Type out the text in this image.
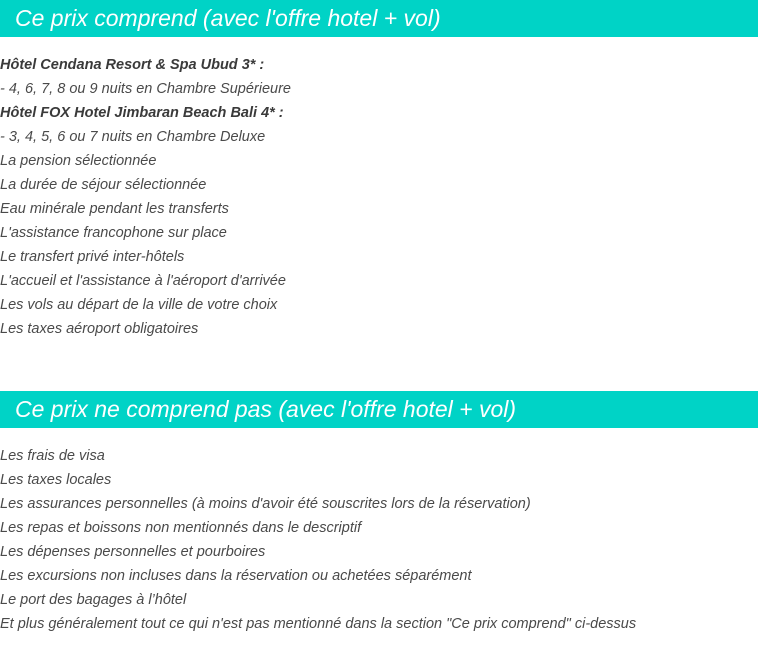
Ce prix comprend (avec l'offre hotel + vol)
Hôtel Cendana Resort & Spa Ubud 3* :
- 4, 6, 7, 8 ou 9 nuits en Chambre Supérieure
Hôtel FOX Hotel Jimbaran Beach Bali 4* :
- 3, 4, 5, 6 ou 7 nuits en Chambre Deluxe
La pension sélectionnée
La durée de séjour sélectionnée
Eau minérale pendant les transferts
L'assistance francophone sur place
Le transfert privé inter-hôtels
L'accueil et l'assistance à l'aéroport d'arrivée
Les vols au départ de la ville de votre choix
Les taxes aéroport obligatoires
Ce prix ne comprend pas (avec l'offre hotel + vol)
Les frais de visa
Les taxes locales
Les assurances personnelles (à moins d'avoir été souscrites lors de la réservation)
Les repas et boissons non mentionnés dans le descriptif
Les dépenses personnelles et pourboires
Les excursions non incluses dans la réservation ou achetées séparément
Le port des bagages à l’hôtel
Et plus généralement tout ce qui n'est pas mentionné dans la section "Ce prix comprend" ci-dessus
